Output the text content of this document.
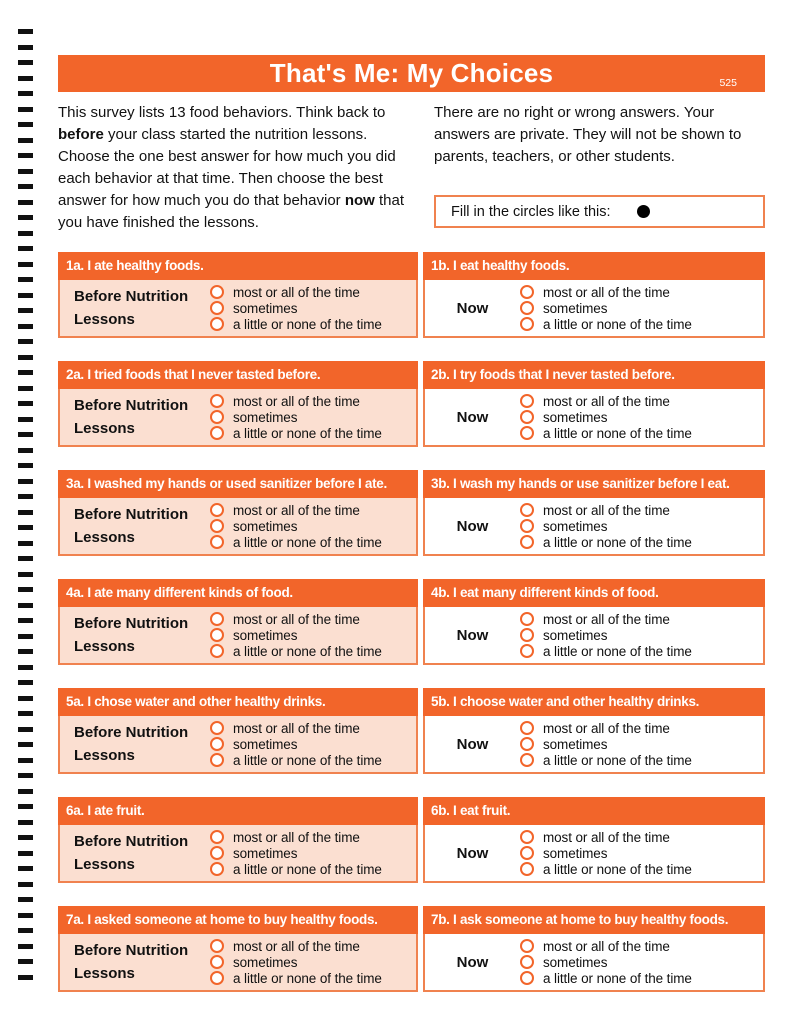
That's Me: My Choices	525

This survey lists 13 food behaviors. Think back to before your class started the nutrition lessons. Choose the one best answer for how much you did each behavior at that time. Then choose the best answer for how much you do that behavior now that you have finished the lessons.

There are no right or wrong answers. Your answers are private. They will not be shown to parents, teachers, or other students.

Fill in the circles like this:
1a. I ate healthy foods.
Before Nutrition Lessons
most or all of the time
sometimes
a little or none of the time
1b. I eat healthy foods.
Now
most or all of the time
sometimes
a little or none of the time
2a. I tried foods that I never tasted before.
Before Nutrition Lessons
most or all of the time
sometimes
a little or none of the time
2b. I try foods that I never tasted before.
Now
most or all of the time
sometimes
a little or none of the time
3a. I washed my hands or used sanitizer before I ate.
Before Nutrition Lessons
most or all of the time
sometimes
a little or none of the time
3b. I wash my hands or use sanitizer before I eat.
Now
most or all of the time
sometimes
a little or none of the time
4a. I ate many different kinds of food.
Before Nutrition Lessons
most or all of the time
sometimes
a little or none of the time
4b. I eat many different kinds of food.
Now
most or all of the time
sometimes
a little or none of the time
5a. I chose water and other healthy drinks.
Before Nutrition Lessons
most or all of the time
sometimes
a little or none of the time
5b. I choose water and other healthy drinks.
Now
most or all of the time
sometimes
a little or none of the time
6a. I ate fruit.
Before Nutrition Lessons
most or all of the time
sometimes
a little or none of the time
6b. I eat fruit.
Now
most or all of the time
sometimes
a little or none of the time
7a. I asked someone at home to buy healthy foods.
Before Nutrition Lessons
most or all of the time
sometimes
a little or none of the time
7b. I ask someone at home to buy healthy foods.
Now
most or all of the time
sometimes
a little or none of the time
